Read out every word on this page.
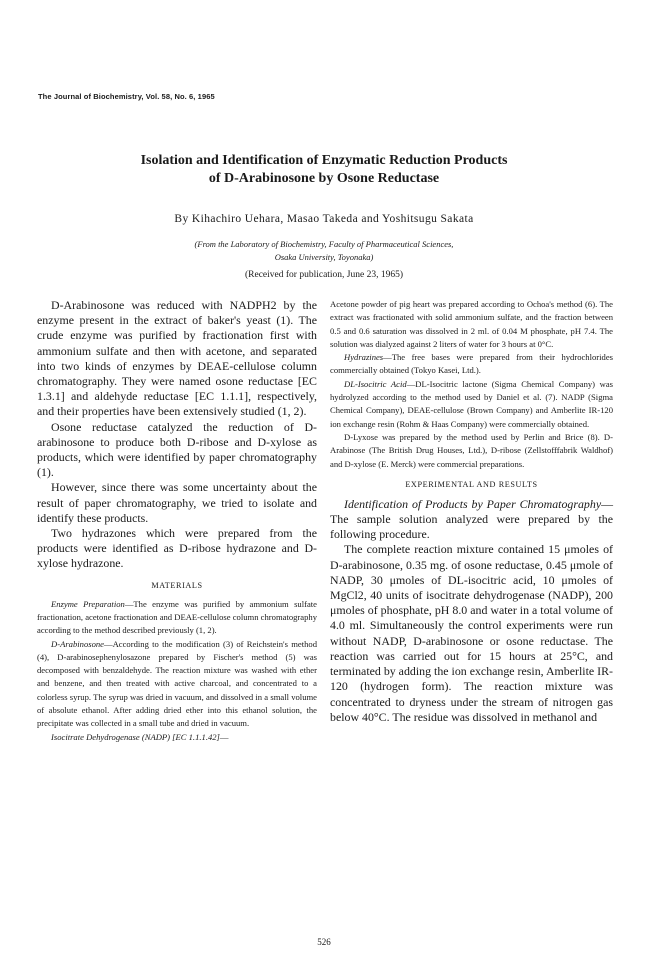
The Journal of Biochemistry, Vol. 58, No. 6, 1965
Isolation and Identification of Enzymatic Reduction Products
of D-Arabinosone by Osone Reductase
By Kihachiro Uehara, Masao Takeda and Yoshitsugu Sakata
(From the Laboratory of Biochemistry, Faculty of Pharmaceutical Sciences,
Osaka University, Toyonaka)
(Received for publication, June 23, 1965)

D-Arabinosone was reduced with NADPH2 by the enzyme present in the extract of baker's yeast (1). The crude enzyme was purified by fractionation first with ammonium sulfate and then with acetone, and separated into two kinds of enzymes by DEAE-cellulose column chromatography. They were named osone reductase [EC 1.3.1] and aldehyde reductase [EC 1.1.1], respectively, and their properties have been extensively studied (1, 2).

Osone reductase catalyzed the reduction of D-arabinosone to produce both D-ribose and D-xylose as products, which were identified by paper chromatography (1).

However, since there was some uncertainty about the result of paper chromatography, we tried to isolate and identify these products.

Two hydrazones which were prepared from the products were identified as D-ribose hydrazone and D-xylose hydrazone.

MATERIALS

Enzyme Preparation—The enzyme was purified by ammonium sulfate fractionation, acetone fractionation and DEAE-cellulose column chromatography according to the method described previously (1, 2).

D-Arabinosone—According to the modification (3) of Reichstein's method (4), D-arabinosephenylosazone prepared by Fischer's method (5) was decomposed with benzaldehyde. The reaction mixture was washed with ether and benzene, and then treated with active charcoal, and concentrated to a colorless syrup. The syrup was dried in vacuum, and dissolved in a small volume of absolute ethanol. After adding dried ether into this ethanol solution, the precipitate was collected in a small tube and dried in vacuum.

Isocitrate Dehydrogenase (NADP) [EC 1.1.1.42]—

Acetone powder of pig heart was prepared according to Ochoa's method (6). The extract was fractionated with solid ammonium sulfate, and the fraction between 0.5 and 0.6 saturation was dissolved in 2 ml. of 0.04 M phosphate, pH 7.4. The solution was dialyzed against 2 liters of water for 3 hours at 0°C.

Hydrazines—The free bases were prepared from their hydrochlorides commercially obtained (Tokyo Kasei, Ltd.).

DL-Isocitric Acid—DL-Isocitric lactone (Sigma Chemical Company) was hydrolyzed according to the method used by Daniel et al. (7). NADP (Sigma Chemical Company), DEAE-cellulose (Brown Company) and Amberlite IR-120 ion exchange resin (Rohm & Haas Company) were commercially obtained.

D-Lyxose was prepared by the method used by Perlin and Brice (8). D-Arabinose (The British Drug Houses, Ltd.), D-ribose (Zellstofffabrik Waldhof) and D-xylose (E. Merck) were commercial preparations.

EXPERIMENTAL AND RESULTS

Identification of Products by Paper Chromatography—The sample solution analyzed were prepared by the following procedure.

The complete reaction mixture contained 15 μmoles of D-arabinosone, 0.35 mg. of osone reductase, 0.45 μmole of NADP, 30 μmoles of DL-isocitric acid, 10 μmoles of MgCl2, 40 units of isocitrate dehydrogenase (NADP), 200 μmoles of phosphate, pH 8.0 and water in a total volume of 4.0 ml. Simultaneously the control experiments were run without NADP, D-arabinosone or osone reductase. The reaction was carried out for 15 hours at 25°C, and terminated by adding the ion exchange resin, Amberlite IR-120 (hydrogen form). The reaction mixture was concentrated to dryness under the stream of nitrogen gas below 40°C. The residue was dissolved in methanol and

526
